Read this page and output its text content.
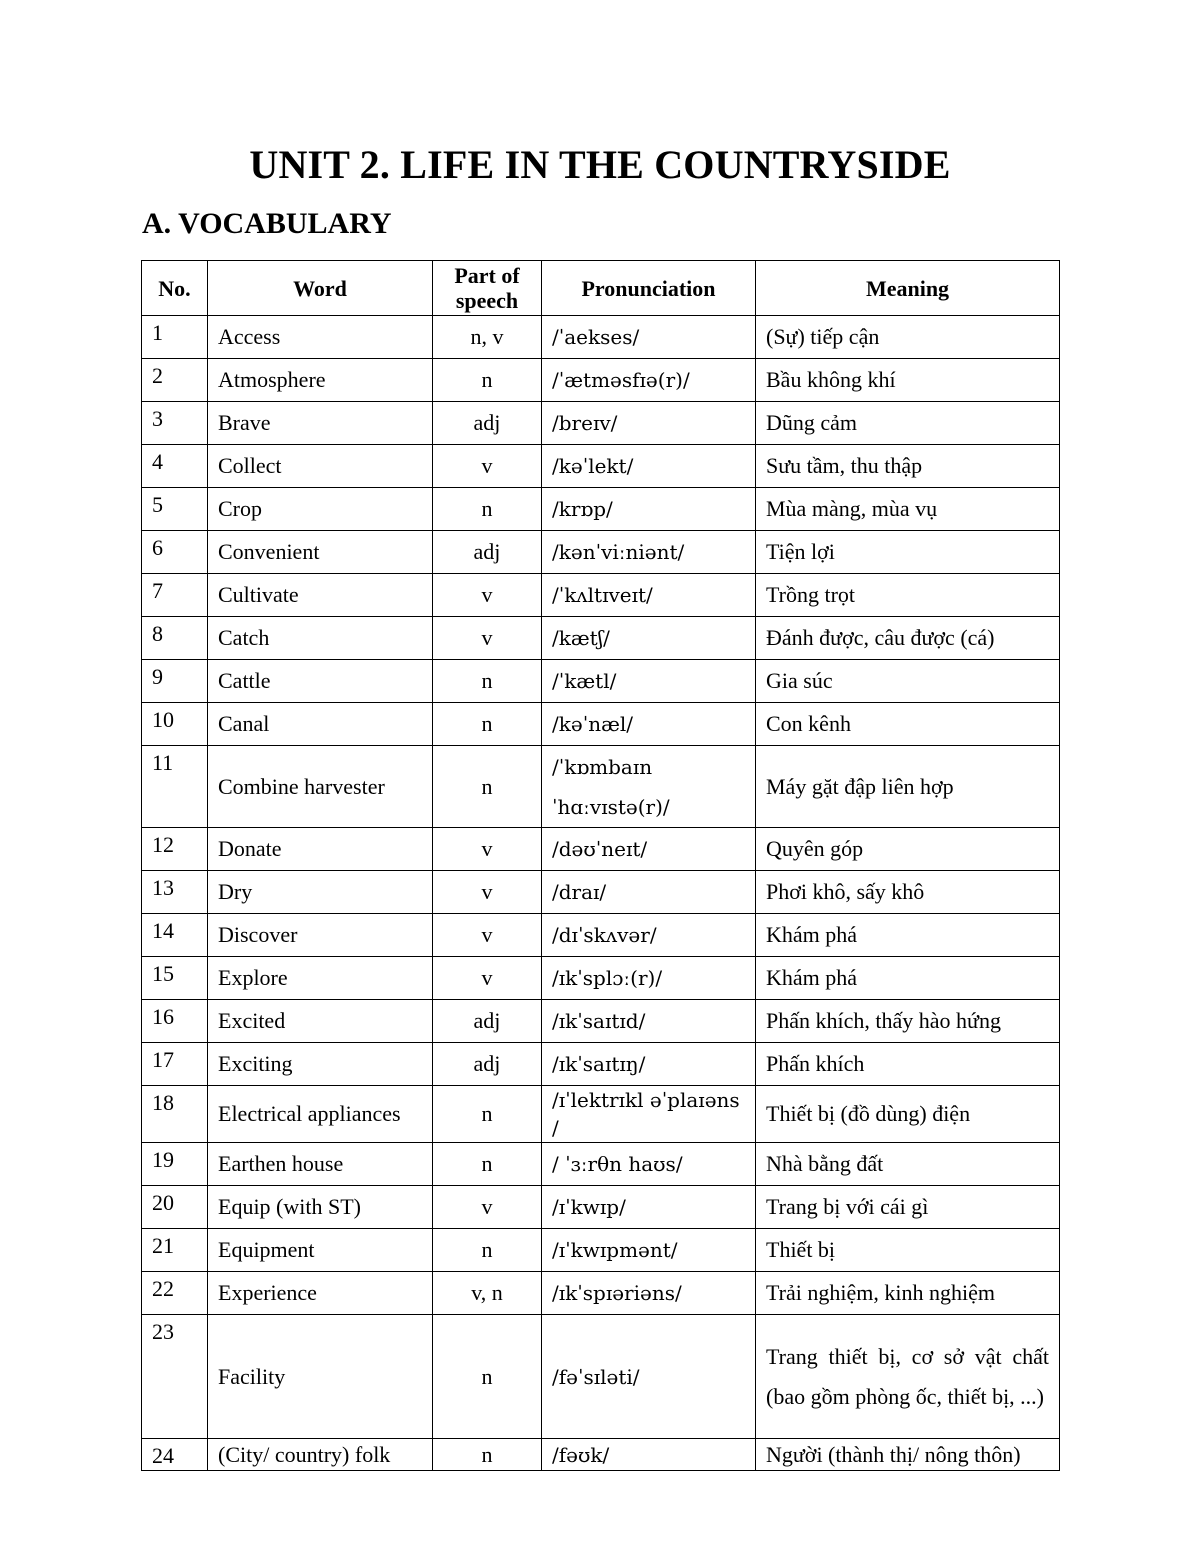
UNIT 2. LIFE IN THE COUNTRYSIDE
A. VOCABULARY
No.	Word	Part of speech	Pronunciation	Meaning
1	Access	n, v	/ˈaekses/	(Sự) tiếp cận
2	Atmosphere	n	/ˈætməsfɪə(r)/	Bầu không khí
3	Brave	adj	/breɪv/	Dũng cảm
4	Collect	v	/kəˈlekt/	Sưu tầm, thu thập
5	Crop	n	/krɒp/	Mùa màng, mùa vụ
6	Convenient	adj	/kənˈviːniənt/	Tiện lợi
7	Cultivate	v	/ˈkʌltɪveɪt/	Trồng trọt
8	Catch	v	/kætʃ/	Đánh được, câu được (cá)
9	Cattle	n	/ˈkætl/	Gia súc
10	Canal	n	/kəˈnæl/	Con kênh
11	Combine harvester	n	/ˈkɒmbaɪn ˈhɑːvɪstə(r)/	Máy gặt đập liên hợp
12	Donate	v	/dəʊˈneɪt/	Quyên góp
13	Dry	v	/draɪ/	Phơi khô, sấy khô
14	Discover	v	/dɪˈskʌvər/	Khám phá
15	Explore	v	/ɪkˈsplɔː(r)/	Khám phá
16	Excited	adj	/ɪkˈsaɪtɪd/	Phấn khích, thấy hào hứng
17	Exciting	adj	/ɪkˈsaɪtɪŋ/	Phấn khích
18	Electrical appliances	n	/ɪˈlektrɪkl əˈplaɪəns /	Thiết bị (đồ dùng) điện
19	Earthen house	n	/ ˈɜːrθn haʊs/	Nhà bằng đất
20	Equip (with ST)	v	/ɪˈkwɪp/	Trang bị với cái gì
21	Equipment	n	/ɪˈkwɪpmənt/	Thiết bị
22	Experience	v, n	/ɪkˈspɪəriəns/	Trải nghiệm, kinh nghiệm
23	Facility	n	/fəˈsɪləti/	Trang thiết bị, cơ sở vật chất (bao gồm phòng ốc, thiết bị, ...)
24	(City/ country) folk	n	/fəʊk/	Người (thành thị/ nông thôn)
